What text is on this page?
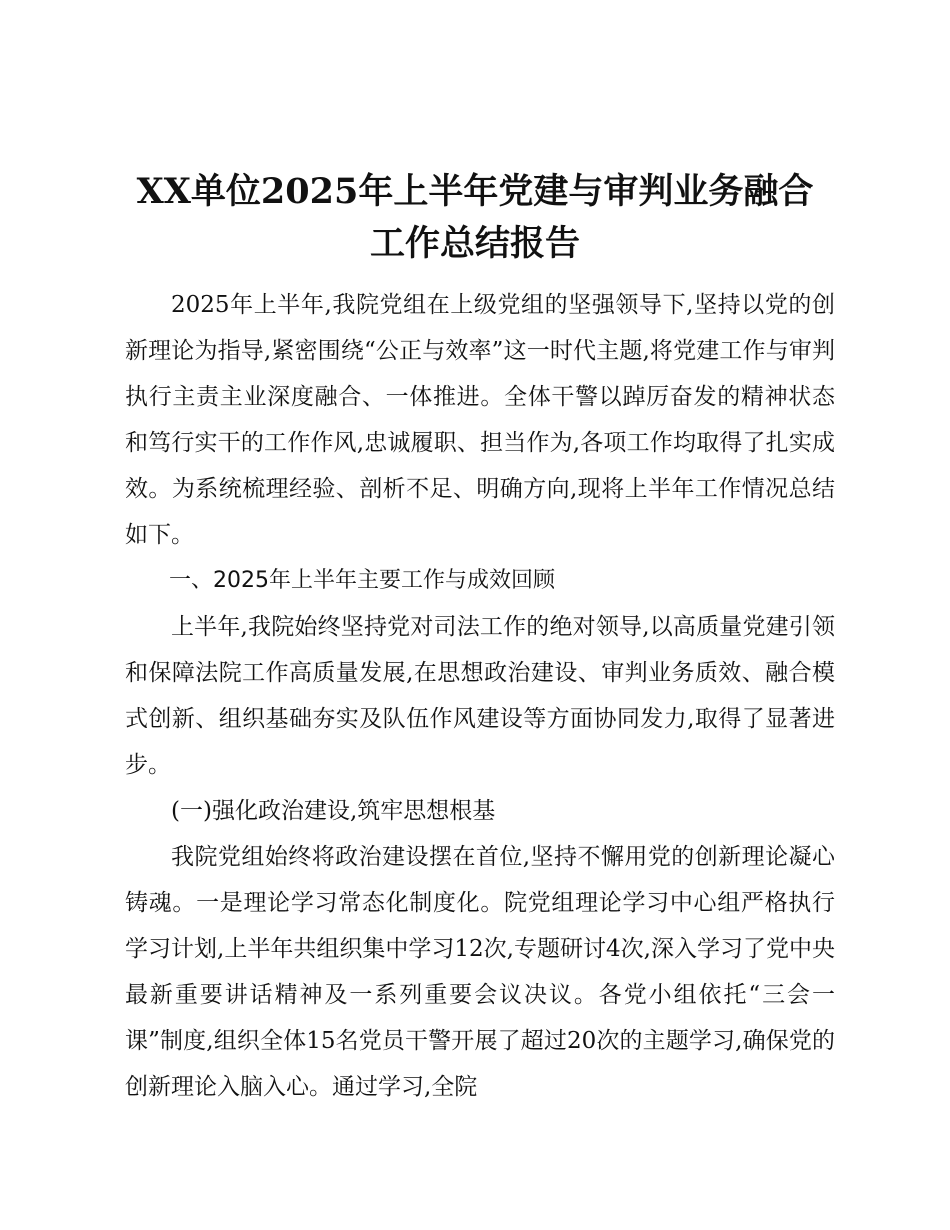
XX单位2025年上半年党建与审判业务融合工作总结报告

2025年上半年,我院党组在上级党组的坚强领导下,坚持以党的创新理论为指导,紧密围绕“公正与效率”这一时代主题,将党建工作与审判执行主责主业深度融合、一体推进。全体干警以踔厉奋发的精神状态和笃行实干的工作作风,忠诚履职、担当作为,各项工作均取得了扎实成效。为系统梳理经验、剖析不足、明确方向,现将上半年工作情况总结如下。

一、2025年上半年主要工作与成效回顾

上半年,我院始终坚持党对司法工作的绝对领导,以高质量党建引领和保障法院工作高质量发展,在思想政治建设、审判业务质效、融合模式创新、组织基础夯实及队伍作风建设等方面协同发力,取得了显著进步。

(一)强化政治建设,筑牢思想根基

我院党组始终将政治建设摆在首位,坚持不懈用党的创新理论凝心铸魂。一是理论学习常态化制度化。院党组理论学习中心组严格执行学习计划,上半年共组织集中学习12次,专题研讨4次,深入学习了党中央最新重要讲话精神及一系列重要会议决议。各党小组依托“三会一课”制度,组织全体15名党员干警开展了超过20次的主题学习,确保党的创新理论入脑入心。通过学习,全院
